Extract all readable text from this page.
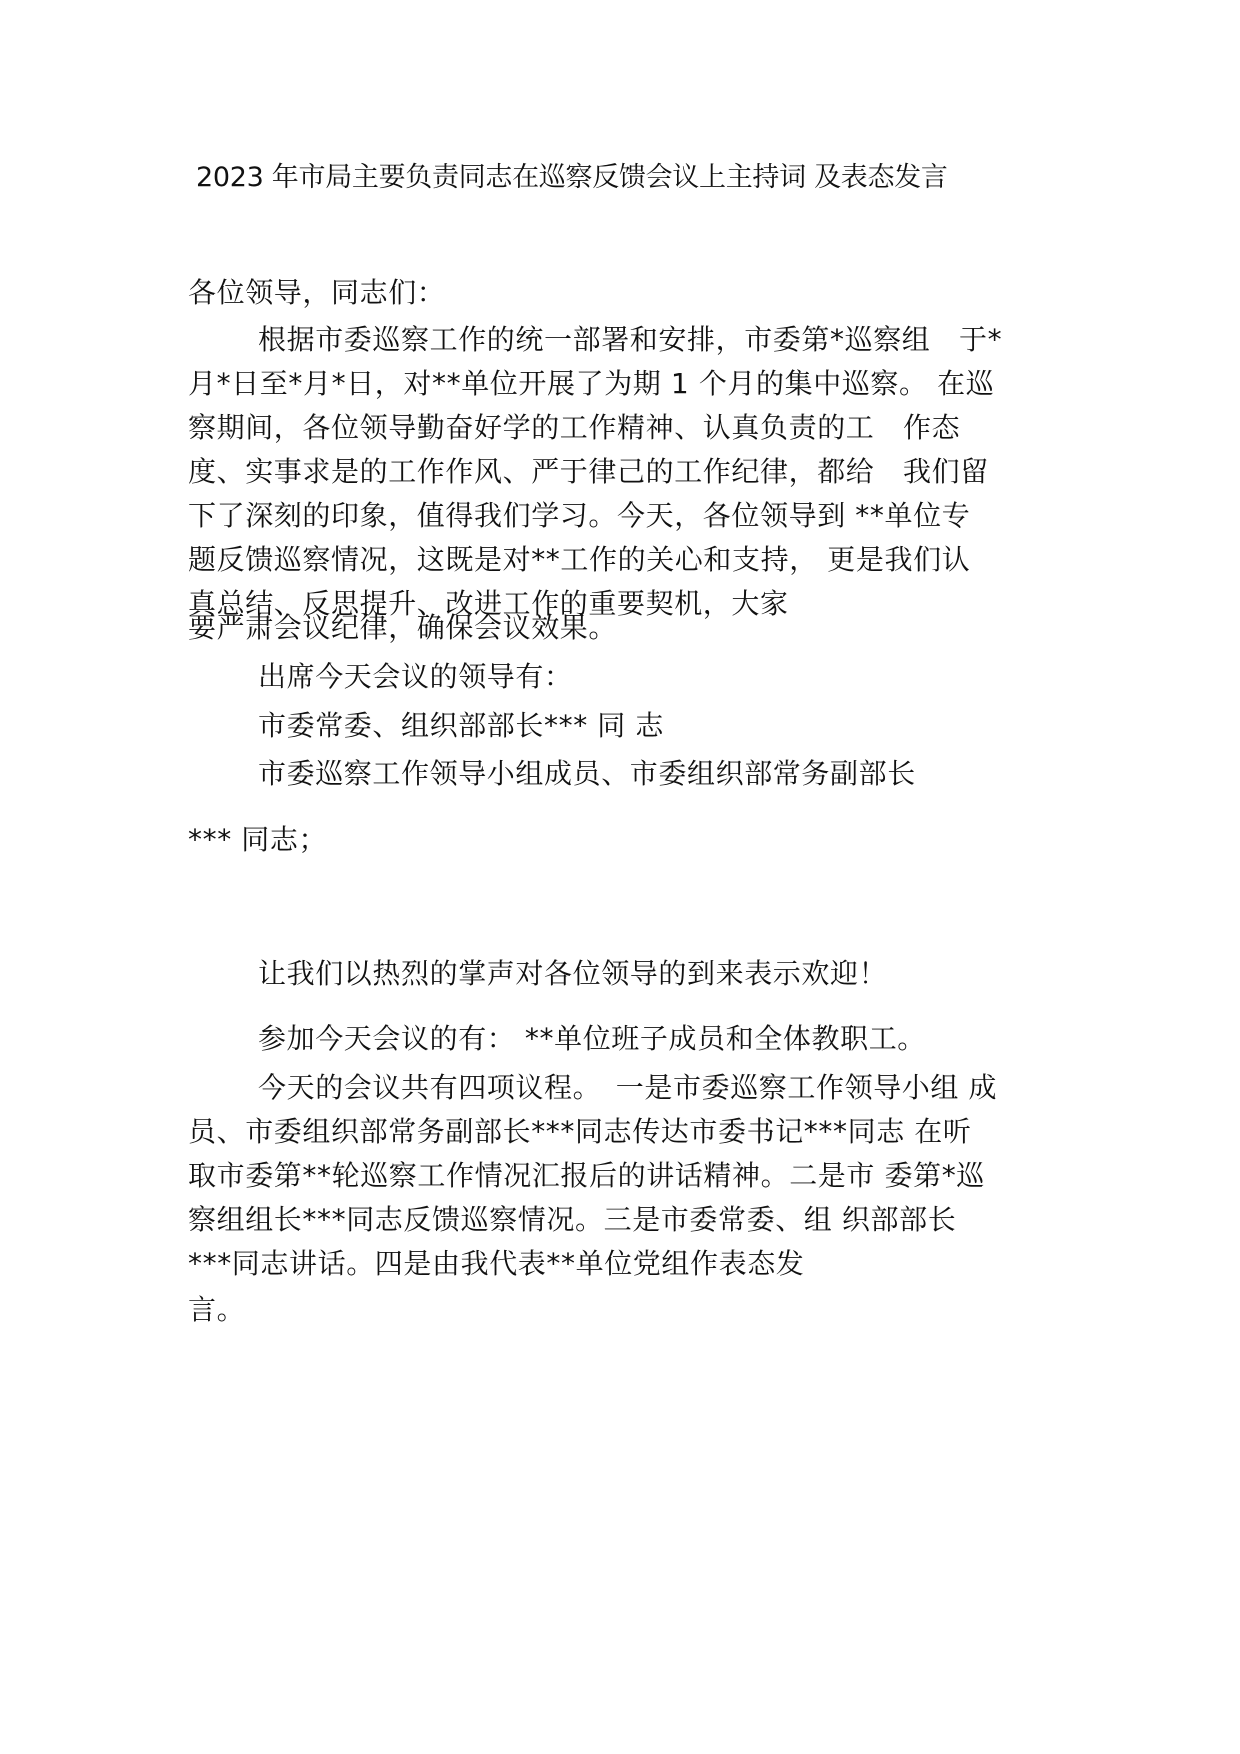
2023 年市局主要负责同志在巡察反馈会议上主持词 及表态发言
各位领导，同志们：
根据市委巡察工作的统一部署和安排，市委第*巡察组　于*
月*日至*月*日，对**单位开展了为期 1 个月的集中巡察。 在巡
察期间，各位领导勤奋好学的工作精神、认真负责的工　作态
度、实事求是的工作作风、严于律己的工作纪律，都给　我们留
下了深刻的印象，值得我们学习。今天，各位领导到 **单位专
题反馈巡察情况，这既是对**工作的关心和支持， 更是我们认
真总结、反思提升、改进工作的重要契机，大家
要严肃会议纪律，确保会议效果。
出席今天会议的领导有：
市委常委、组织部部长*** 同 志
市委巡察工作领导小组成员、市委组织部常务副部长
*** 同志；
让我们以热烈的掌声对各位领导的到来表示欢迎！
参加今天会议的有： **单位班子成员和全体教职工。
今天的会议共有四项议程。　一是市委巡察工作领导小组 成
员、市委组织部常务副部长***同志传达市委书记***同志 在听
取市委第**轮巡察工作情况汇报后的讲话精神。二是市 委第*巡
察组组长***同志反馈巡察情况。三是市委常委、组 织部部长
***同志讲话。四是由我代表**单位党组作表态发
言。
